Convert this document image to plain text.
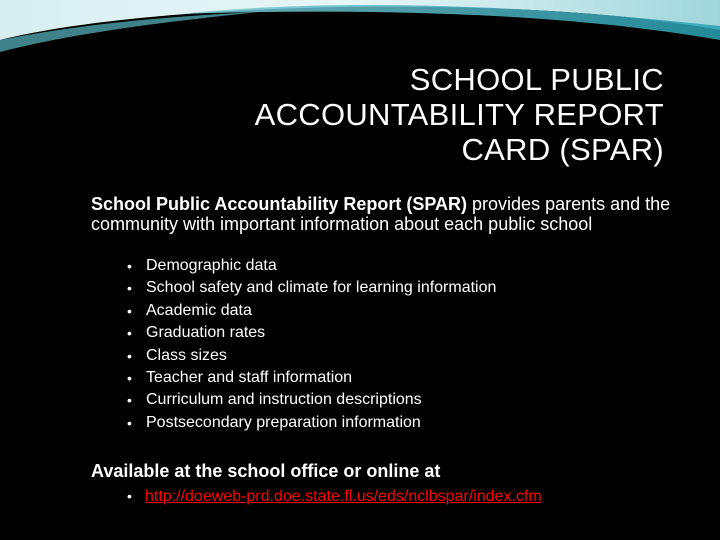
SCHOOL PUBLIC
ACCOUNTABILITY REPORT
CARD (SPAR)
School Public Accountability Report (SPAR) provides parents and the community with important information about each public school
• Demographic data
• School safety and climate for learning information
• Academic data
• Graduation rates
• Class sizes
• Teacher and staff information
• Curriculum and instruction descriptions
• Postsecondary preparation information
Available at the school office or online at
• http://doeweb-prd.doe.state.fl.us/eds/nclbspar/index.cfm
